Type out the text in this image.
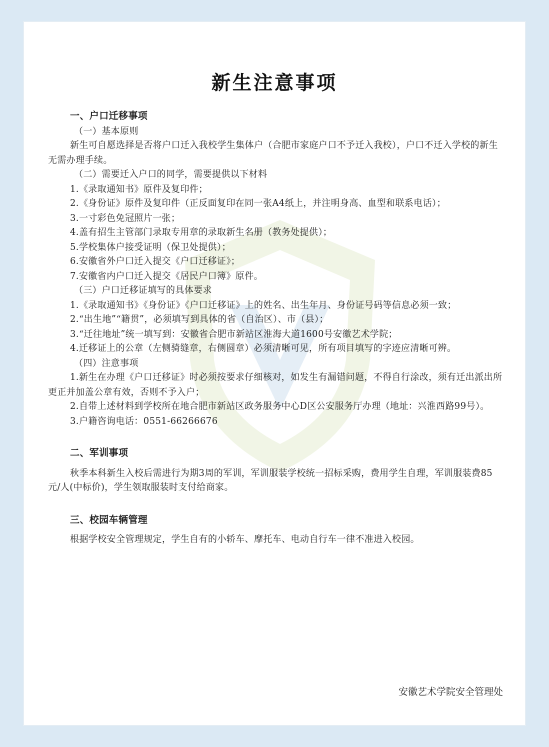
新生注意事项

一、户口迁移事项

（一）基本原则

新生可自愿选择是否将户口迁入我校学生集体户（合肥市家庭户口不予迁入我校），户口不迁入学校的新生无需办理手续。

（二）需要迁入户口的同学，需要提供以下材料

1.《录取通知书》原件及复印件；

2.《身份证》原件及复印件（正反面复印在同一张A4纸上，并注明身高、血型和联系电话）；

3.一寸彩色免冠照片一张；

4.盖有招生主管部门录取专用章的录取新生名册（教务处提供）；

5.学校集体户接受证明（保卫处提供）；

6.安徽省外户口迁入提交《户口迁移证》；

7.安徽省内户口迁入提交《居民户口簿》原件。

（三）户口迁移证填写的具体要求

1.《录取通知书》《身份证》《户口迁移证》上的姓名、出生年月、身份证号码等信息必须一致；

2.“出生地”“籍贯”，必须填写到具体的省（自治区）、市（县）；

3.“迁往地址”统一填写到：安徽省合肥市新站区淮海大道1600号安徽艺术学院；

4.迁移证上的公章（左侧骑缝章，右侧圆章）必须清晰可见，所有项目填写的字迹应清晰可辨。

（四）注意事项

1.新生在办理《户口迁移证》时必须按要求仔细核对，如发生有漏错问题，不得自行涂改，须有迁出派出所更正并加盖公章有效，否则不予入户；

2.自带上述材料到学校所在地合肥市新站区政务服务中心D区公安服务厅办理（地址：兴淮西路99号）。

3.户籍咨询电话：0551-66266676

二、军训事项

秋季本科新生入校后需进行为期3周的军训，军训服装学校统一招标采购，费用学生自理，军训服装费85元/人(中标价)，学生领取服装时支付给商家。

三、校园车辆管理

根据学校安全管理规定，学生自有的小轿车、摩托车、电动自行车一律不准进入校园。

安徽艺术学院安全管理处
